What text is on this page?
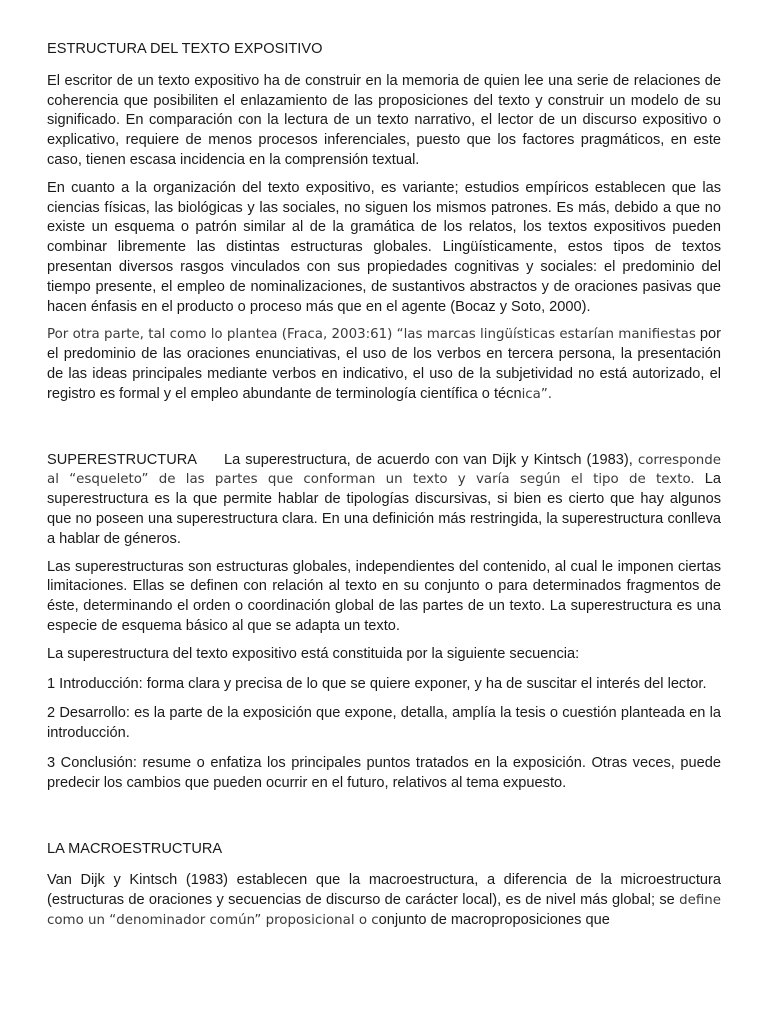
ESTRUCTURA DEL TEXTO EXPOSITIVO

El escritor de un texto expositivo ha de construir en la memoria de quien lee una serie de relaciones de coherencia que posibiliten el enlazamiento de las proposiciones del texto y construir un modelo de su significado. En comparación con la lectura de un texto narrativo, el lector de un discurso expositivo o explicativo, requiere de menos procesos inferenciales, puesto que los factores pragmáticos, en este caso, tienen escasa incidencia en la comprensión textual.

En cuanto a la organización del texto expositivo, es variante; estudios empíricos establecen que las ciencias físicas, las biológicas y las sociales, no siguen los mismos patrones. Es más, debido a que no existe un esquema o patrón similar al de la gramática de los relatos, los textos expositivos pueden combinar libremente las distintas estructuras globales. Lingüísticamente, estos tipos de textos presentan diversos rasgos vinculados con sus propiedades cognitivas y sociales: el predominio del tiempo presente, el empleo de nominalizaciones, de sustantivos abstractos y de oraciones pasivas que hacen énfasis en el producto o proceso más que en el agente (Bocaz y Soto, 2000).

Por otra parte, tal como lo plantea (Fraca, 2003:61) “las marcas lingüísticas estarían manifiestas por el predominio de las oraciones enunciativas, el uso de los verbos en tercera persona, la presentación de las ideas principales mediante verbos en indicativo, el uso de la subjetividad no está autorizado, el registro es formal y el empleo abundante de terminología científica o técnica”.

SUPERESTRUCTURA La superestructura, de acuerdo con van Dijk y Kintsch (1983), corresponde al “esqueleto” de las partes que conforman un texto y varía según el tipo de texto. La superestructura es la que permite hablar de tipologías discursivas, si bien es cierto que hay algunos que no poseen una superestructura clara. En una definición más restringida, la superestructura conlleva a hablar de géneros.

Las superestructuras son estructuras globales, independientes del contenido, al cual le imponen ciertas limitaciones. Ellas se definen con relación al texto en su conjunto o para determinados fragmentos de éste, determinando el orden o coordinación global de las partes de un texto. La superestructura es una especie de esquema básico al que se adapta un texto.

La superestructura del texto expositivo está constituida por la siguiente secuencia:

1 Introducción: forma clara y precisa de lo que se quiere exponer, y ha de suscitar el interés del lector.

2 Desarrollo: es la parte de la exposición que expone, detalla, amplía la tesis o cuestión planteada en la introducción.

3 Conclusión: resume o enfatiza los principales puntos tratados en la exposición. Otras veces, puede predecir los cambios que pueden ocurrir en el futuro, relativos al tema expuesto.

LA MACROESTRUCTURA

Van Dijk y Kintsch (1983) establecen que la macroestructura, a diferencia de la microestructura (estructuras de oraciones y secuencias de discurso de carácter local), es de nivel más global; se define como un “denominador común” proposicional o conjunto de macroproposiciones que
